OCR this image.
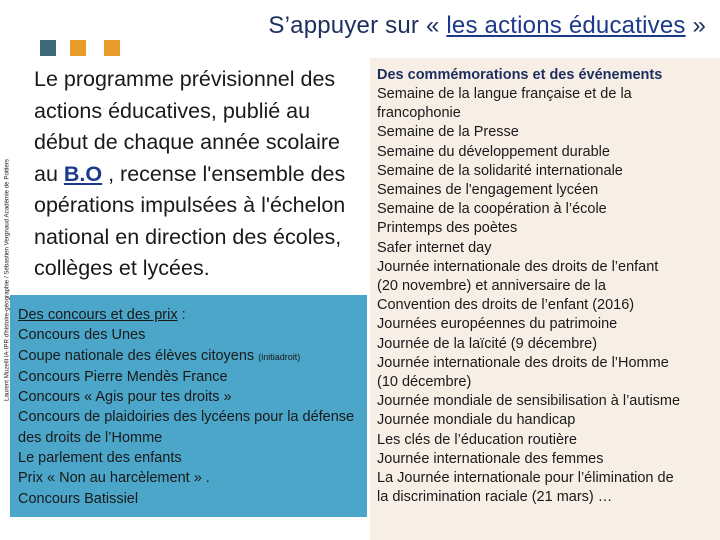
S’appuyer sur « les actions éducatives »
Laurent Muzelli IA-IPR d'histoire-géographie / Sébastien Vergnaud Académie de Poitiers
Le programme prévisionnel des actions éducatives, publié au début de chaque année scolaire au B.O , recense l'ensemble des opérations impulsées à l'échelon national en direction des écoles, collèges et lycées.
Des concours et des prix :
Concours des Unes
Coupe nationale des élèves citoyens (initiadroit)
Concours Pierre Mendès France
Concours « Agis pour tes droits »
Concours de plaidoiries des lycéens pour la défense des droits de l’Homme
Le parlement des enfants
Prix « Non au harcèlement » .
Concours Batissiel
Des commémorations et des événements
Semaine de la langue française et de la
francophonie
Semaine de la Presse
Semaine du développement durable
Semaine de la solidarité internationale
Semaines de l'engagement lycéen
Semaine de la coopération à l’école
Printemps des poètes
Safer internet day
Journée internationale des droits de l’enfant
(20 novembre) et anniversaire de la
Convention des droits de l’enfant (2016)
Journées européennes du patrimoine
Journée de la laïcité (9 décembre)
Journée internationale des droits de l’Homme
(10 décembre)
Journée mondiale de sensibilisation à l’autisme
Journée mondiale du handicap
Les clés de l’éducation routière
Journée internationale des femmes
La Journée internationale pour l’élimination de
la discrimination raciale (21 mars) …
